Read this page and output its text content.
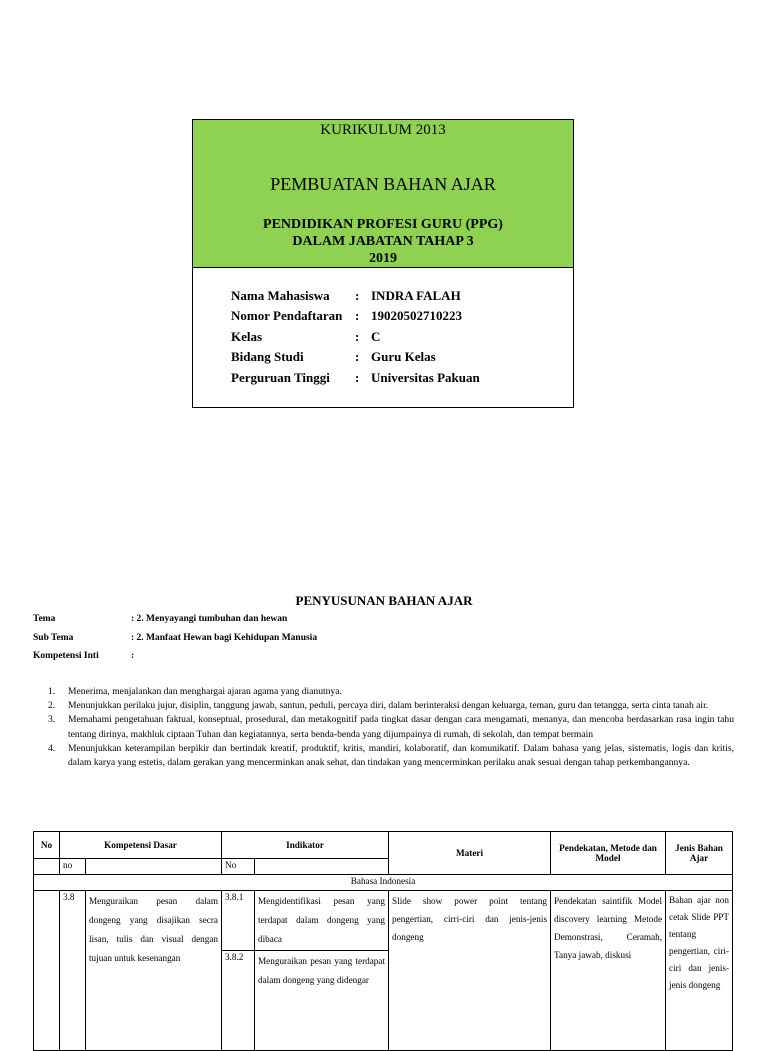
KURIKULUM 2013
PEMBUATAN BAHAN AJAR
PENDIDIKAN PROFESI GURU (PPG)
DALAM JABATAN TAHAP 3
2019
Nama Mahasiswa	: INDRA FALAH
Nomor Pendaftaran : 19020502710223
Kelas	: C
Bidang Studi	: Guru Kelas
Perguruan Tinggi	: Universitas Pakuan
PENYUSUNAN BAHAN AJAR
Tema	: 2. Menyayangi tumbuhan dan hewan
Sub Tema	: 2. Manfaat Hewan bagi Kehidupan Manusia
Kompetensi Inti	:
1. Menerima, menjalankan dan menghargai ajaran agama yang dianutnya.
2. Menunjukkan perilaku jujur, disiplin, tanggung jawab, santun, peduli, percaya diri, dalam berinteraksi dengan keluarga, teman, guru dan tetangga, serta cinta tanah air.
3. Memahami pengetahuan faktual, konseptual, prosedural, dan metakognitif pada tingkat dasar dengan cara mengamati, menanya, dan mencoba berdasarkan rasa ingin tahu tentang dirinya, makhluk ciptaan Tuhan dan kegiatannya, serta benda-benda yang dijumpainya di rumah, di sekolah, dan tempat bermain
4. Menunjukkan keterampilan berpikir dan bertindak kreatif, produktif, kritis, mandiri, kolaboratif, dan komunikatif. Dalam bahasa yang jelas, sistematis, logis dan kritis, dalam karya yang estetis, dalam gerakan yang mencerminkan anak sehat, dan tindakan yang mencerminkan perilaku anak sesuai dengan tahap perkembangannya.
No	Kompetensi Dasar		Indikator		Materi	Pendekatan, Metode dan Model	Jenis Bahan Ajar
	no		No				
Bahasa Indonesia							
	3.8	Menguraikan pesan dalam dongeng yang disajikan secra lisan, tulis dan visual dengan tujuan untuk kesenangan	3.8.1	Mengidentifikasi pesan yang terdapat dalam dongeng yang dibaca	Slide show power point tentang pengertian, cirri-ciri dan jenis-jenis dongeng	Pendekatan saintifik Model discovery learning Metode Demonstrasi, Ceramah, Tanya jawab, diskusi	Bahan ajar non cetak Slide PPT tentang pengertian, ciri-ciri dan jenis-jenis dongeng
			3.8.2	Menguraikan pesan yang terdapat dalam dongeng yang didengar			
